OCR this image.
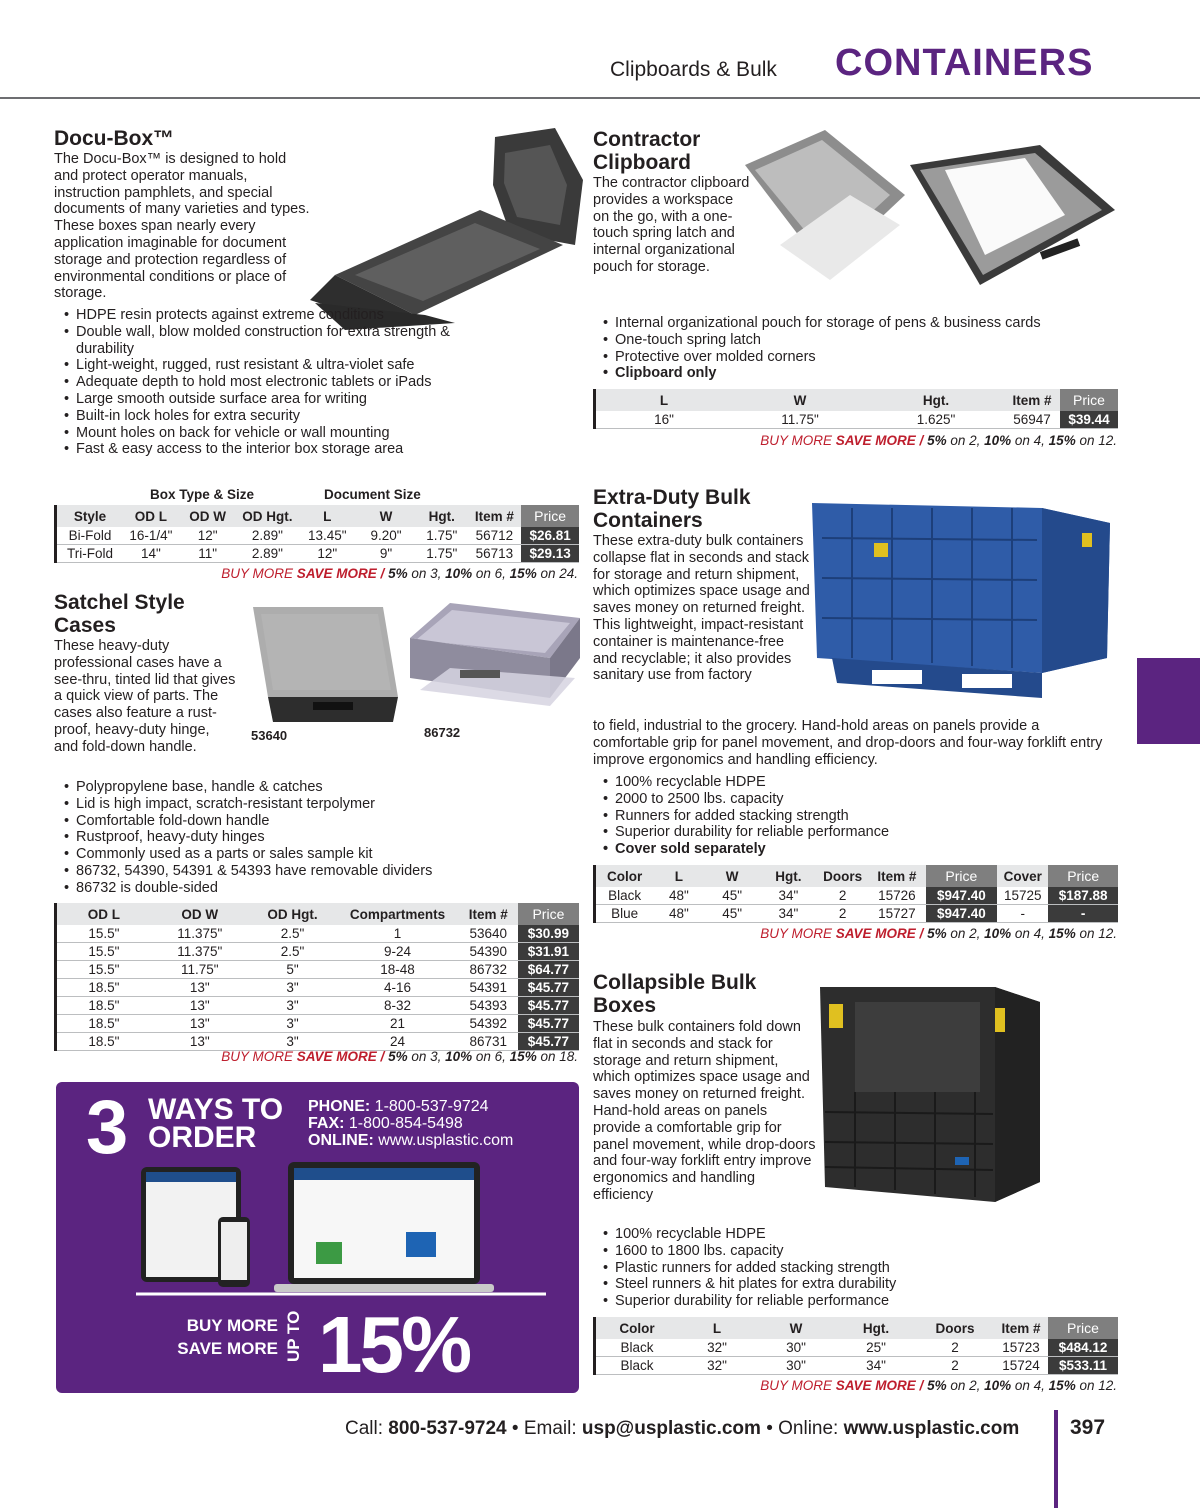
Clipboards & Bulk CONTAINERS
Docu-Box™

The Docu-Box™ is designed to hold and protect operator manuals, instruction pamphlets, and special documents of many varieties and types. These boxes span nearly every application imaginable for document storage and protection regardless of environmental conditions or place of storage.

• HDPE resin protects against extreme conditions
• Double wall, blow molded construction for extra strength & durability
• Light-weight, rugged, rust resistant & ultra-violet safe
• Adequate depth to hold most electronic tablets or iPads
• Large smooth outside surface area for writing
• Built-in lock holes for extra security
• Mount holes on back for vehicle or wall mounting
• Fast & easy access to the interior box storage area
Box Type & Size	Document Size
Style	OD L	OD W	OD Hgt.	L	W	Hgt.	Item #	Price
Bi-Fold	16-1/4"	12"	2.89"	13.45"	9.20"	1.75"	56712	$26.81
Tri-Fold	14"	11"	2.89"	12"	9"	1.75"	56713	$29.13
BUY MORE SAVE MORE / 5% on 3, 10% on 6, 15% on 24.
Satchel Style Cases

These heavy-duty professional cases have a see-thru, tinted lid that gives a quick view of parts. The cases also feature a rust-proof, heavy-duty hinge, and fold-down handle.

53640	86732
• Polypropylene base, handle & catches
• Lid is high impact, scratch-resistant terpolymer
• Comfortable fold-down handle
• Rustproof, heavy-duty hinges
• Commonly used as a parts or sales sample kit
• 86732, 54390, 54391 & 54393 have removable dividers
• 86732 is double-sided
OD L	OD W	OD Hgt.	Compartments	Item #	Price
15.5"	11.375"	2.5"	1	53640	$30.99
15.5"	11.375"	2.5"	9-24	54390	$31.91
15.5"	11.75"	5"	18-48	86732	$64.77
18.5"	13"	3"	4-16	54391	$45.77
18.5"	13"	3"	8-32	54393	$45.77
18.5"	13"	3"	21	54392	$45.77
18.5"	13"	3"	24	86731	$45.77
BUY MORE SAVE MORE / 5% on 3, 10% on 6, 15% on 18.
3 WAYS TO
ORDER
PHONE: 1-800-537-9724
FAX: 1-800-854-5498
ONLINE: www.usplastic.com
BUY MORE
SAVE MORE UP TO 15%
Contractor Clipboard

The contractor clipboard provides a workspace on the go, with a one-touch spring latch and internal organizational pouch for storage.

• Internal organizational pouch for storage of pens & business cards
• One-touch spring latch
• Protective over molded corners
• Clipboard only
L	W	Hgt.	Item #	Price
16"	11.75"	1.625"	56947	$39.44
BUY MORE SAVE MORE / 5% on 2, 10% on 4, 15% on 12.
Extra-Duty Bulk Containers

These extra-duty bulk containers collapse flat in seconds and stack for storage and return shipment, which optimizes space usage and saves money on returned freight. This lightweight, impact-resistant container is maintenance-free and recyclable; it also provides sanitary use from factory

to field, industrial to the grocery. Hand-hold areas on panels provide a comfortable grip for panel movement, and drop-doors and four-way forklift entry improve ergonomics and handling efficiency.

• 100% recyclable HDPE
• 2000 to 2500 lbs. capacity
• Runners for added stacking strength
• Superior durability for reliable performance
• Cover sold separately
Color	L	W	Hgt.	Doors	Item #	Price	Cover	Price
Black	48"	45"	34"	2	15726	$947.40	15725	$187.88
Blue	48"	45"	34"	2	15727	$947.40	-	-
BUY MORE SAVE MORE / 5% on 2, 10% on 4, 15% on 12.
Collapsible Bulk Boxes

These bulk containers fold down flat in seconds and stack for storage and return shipment, which optimizes space usage and saves money on returned freight. Hand-hold areas on panels provide a comfortable grip for panel movement, while drop-doors and four-way forklift entry improve ergonomics and handling efficiency

• 100% recyclable HDPE
• 1600 to 1800 lbs. capacity
• Plastic runners for added stacking strength
• Steel runners & hit plates for extra durability
• Superior durability for reliable performance
Color	L	W	Hgt.	Doors	Item #	Price
Black	32"	30"	25"	2	15723	$484.12
Black	32"	30"	34"	2	15724	$533.11
BUY MORE SAVE MORE / 5% on 2, 10% on 4, 15% on 12.
Call: 800-537-9724 • Email: usp@usplastic.com • Online: www.usplastic.com 397
